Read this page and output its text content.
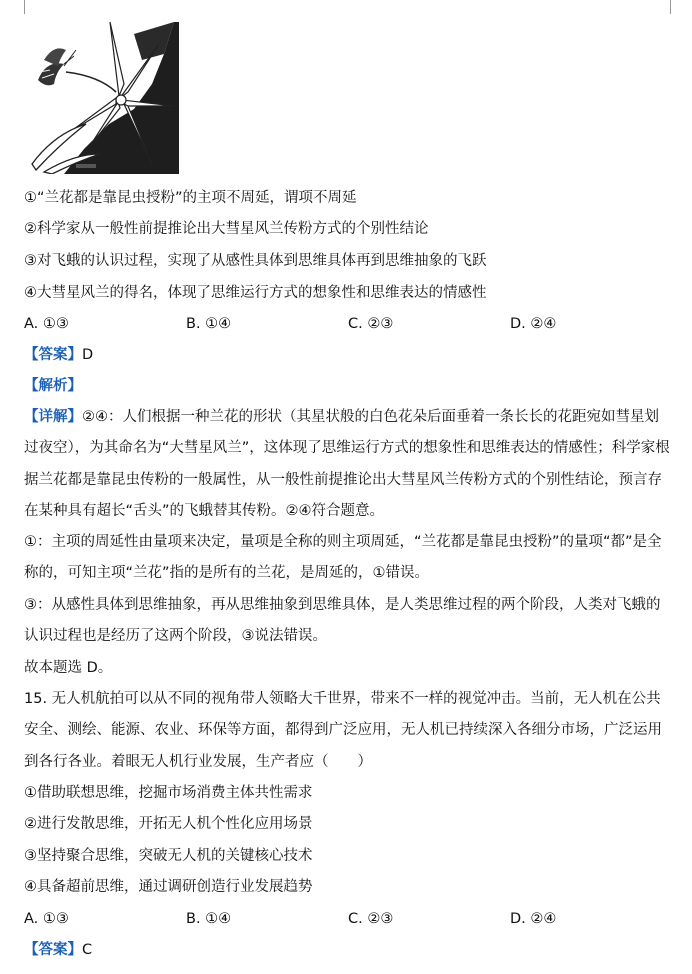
①“兰花都是靠昆虫授粉”的主项不周延，谓项不周延
②科学家从一般性前提推论出大彗星风兰传粉方式的个别性结论
③对飞蛾的认识过程，实现了从感性具体到思维具体再到思维抽象的飞跃
④大彗星风兰的得名，体现了思维运行方式的想象性和思维表达的情感性
A. ①③	B. ①④	C. ②③	D. ②④
【答案】D
【解析】
【详解】②④：人们根据一种兰花的形状（其星状般的白色花朵后面垂着一条长长的花距宛如彗星划过夜空），为其命名为“大彗星风兰”，这体现了思维运行方式的想象性和思维表达的情感性；科学家根据兰花都是靠昆虫传粉的一般属性，从一般性前提推论出大彗星风兰传粉方式的个别性结论，预言存在某种具有超长“舌头”的飞蛾替其传粉。②④符合题意。
①：主项的周延性由量项来决定，量项是全称的则主项周延，“兰花都是靠昆虫授粉”的量项“都”是全称的，可知主项“兰花”指的是所有的兰花，是周延的，①错误。
③：从感性具体到思维抽象，再从思维抽象到思维具体，是人类思维过程的两个阶段，人类对飞蛾的认识过程也是经历了这两个阶段，③说法错误。
故本题选 D。
15. 无人机航拍可以从不同的视角带人领略大千世界，带来不一样的视觉冲击。当前，无人机在公共安全、测绘、能源、农业、环保等方面，都得到广泛应用，无人机已持续深入各细分市场，广泛运用到各行各业。着眼无人机行业发展，生产者应（　　）
①借助联想思维，挖掘市场消费主体共性需求
②进行发散思维，开拓无人机个性化应用场景
③坚持聚合思维，突破无人机的关键核心技术
④具备超前思维，通过调研创造行业发展趋势
A. ①③	B. ①④	C. ②③	D. ②④
【答案】C
